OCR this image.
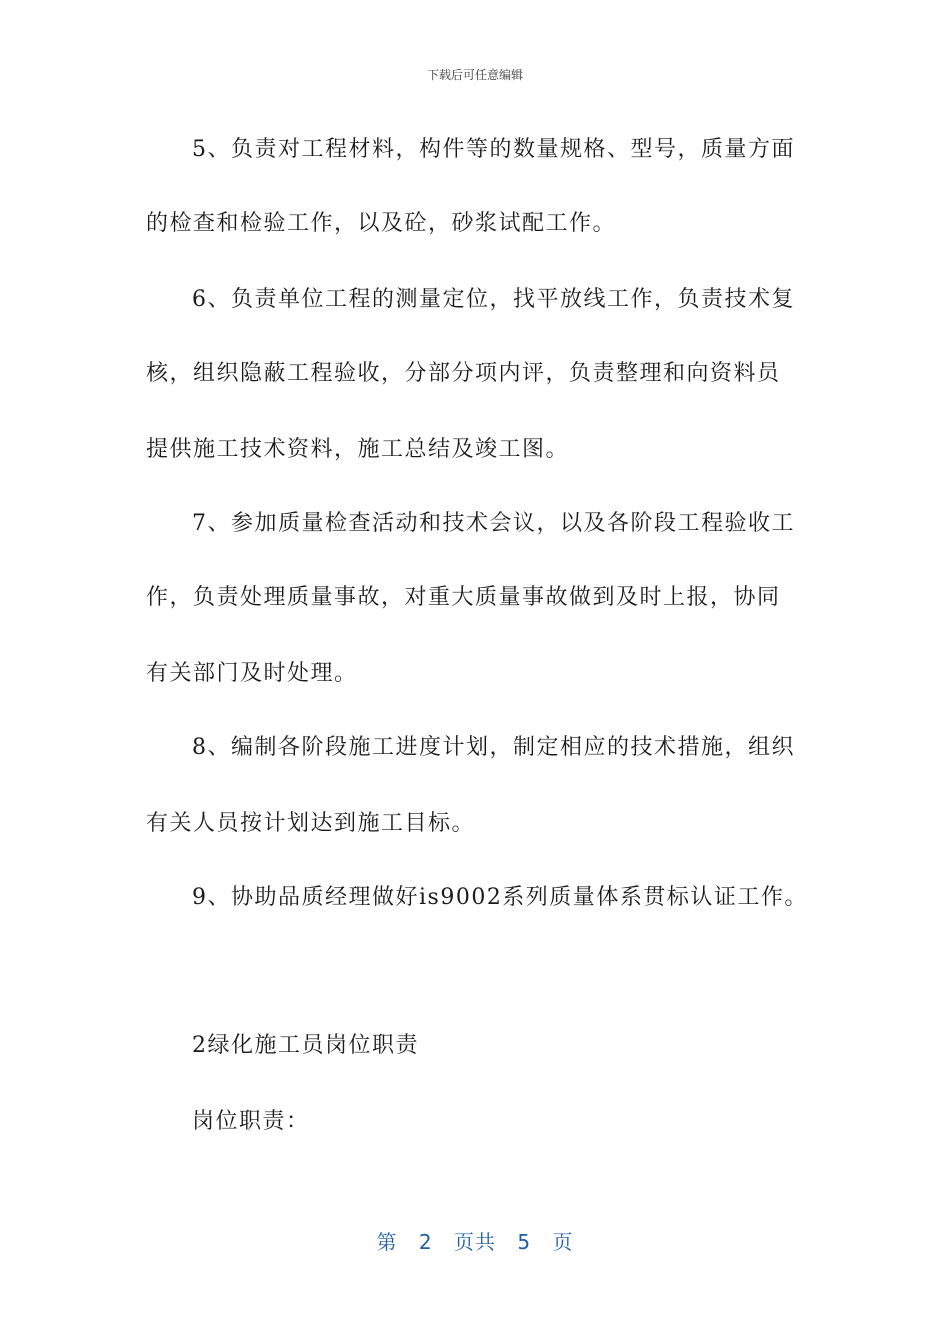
下载后可任意编辑
5、负责对工程材料，构件等的数量规格、型号，质量方面
的检查和检验工作，以及砼，砂浆试配工作。
6、负责单位工程的测量定位，找平放线工作，负责技术复
核，组织隐蔽工程验收，分部分项内评，负责整理和向资料员
提供施工技术资料，施工总结及竣工图。
7、参加质量检查活动和技术会议，以及各阶段工程验收工
作，负责处理质量事故，对重大质量事故做到及时上报，协同
有关部门及时处理。
8、编制各阶段施工进度计划，制定相应的技术措施，组织
有关人员按计划达到施工目标。
9、协助品质经理做好is9002系列质量体系贯标认证工作。
2绿化施工员岗位职责
岗位职责：
第 2 页共 5 页
